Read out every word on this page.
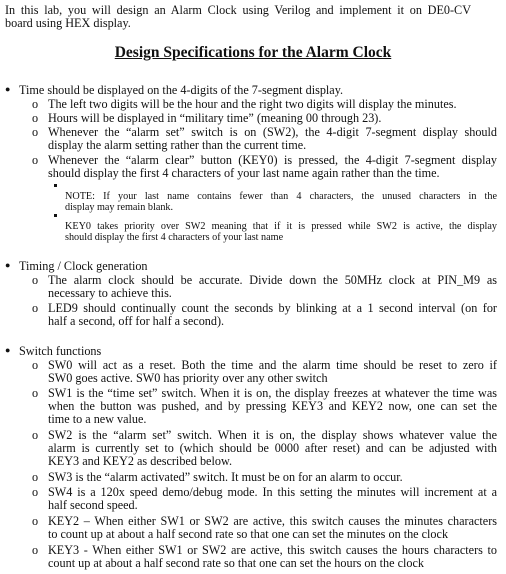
In this lab, you will design an Alarm Clock using Verilog and implement it on DE0-CV
board using HEX display.
Design Specifications for the Alarm Clock
● Time should be displayed on the 4-digits of the 7-segment display.
o The left two digits will be the hour and the right two digits will display the minutes.
o Hours will be displayed in “military time” (meaning 00 through 23).
o Whenever the “alarm set” switch is on (SW2), the 4-digit 7-segment display should
display the alarm setting rather than the current time.
o Whenever the “alarm clear” button (KEY0) is pressed, the 4-digit 7-segment display
should display the first 4 characters of your last name again rather than the time.
NOTE: If your last name contains fewer than 4 characters, the unused characters in the
display may remain blank.
KEY0 takes priority over SW2 meaning that if it is pressed while SW2 is active, the display
should display the first 4 characters of your last name
● Timing / Clock generation
o The alarm clock should be accurate. Divide down the 50MHz clock at PIN_M9 as
necessary to achieve this.
o LED9 should continually count the seconds by blinking at a 1 second interval (on for
half a second, off for half a second).
● Switch functions
o SW0 will act as a reset. Both the time and the alarm time should be reset to zero if
SW0 goes active. SW0 has priority over any other switch
o SW1 is the “time set” switch. When it is on, the display freezes at whatever the time was
when the button was pushed, and by pressing KEY3 and KEY2 now, one can set the
time to a new value.
o SW2 is the “alarm set” switch. When it is on, the display shows whatever value the
alarm is currently set to (which should be 0000 after reset) and can be adjusted with
KEY3 and KEY2 as described below.
o SW3 is the “alarm activated” switch. It must be on for an alarm to occur.
o SW4 is a 120x speed demo/debug mode. In this setting the minutes will increment at a
half second speed.
o KEY2 – When either SW1 or SW2 are active, this switch causes the minutes characters
to count up at about a half second rate so that one can set the minutes on the clock
o KEY3 - When either SW1 or SW2 are active, this switch causes the hours characters to
count up at about a half second rate so that one can set the hours on the clock
